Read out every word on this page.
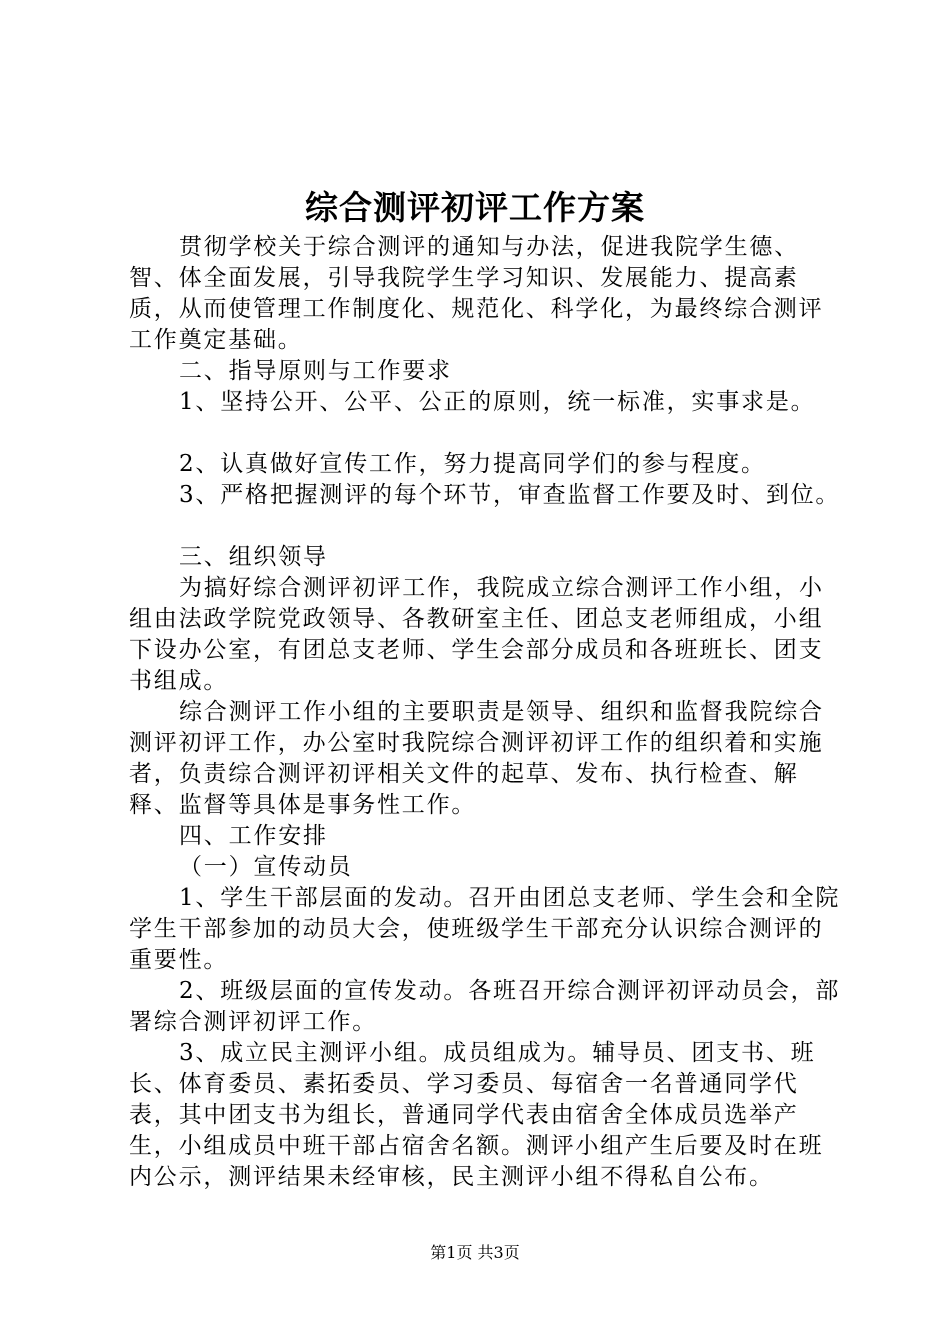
综合测评初评工作方案

贯彻学校关于综合测评的通知与办法，促进我院学生德、智、体全面发展，引导我院学生学习知识、发展能力、提高素质，从而使管理工作制度化、规范化、科学化，为最终综合测评工作奠定基础。

二、指导原则与工作要求

1、坚持公开、公平、公正的原则，统一标准，实事求是。

2、认真做好宣传工作，努力提高同学们的参与程度。

3、严格把握测评的每个环节，审查监督工作要及时、到位。

三、组织领导

为搞好综合测评初评工作，我院成立综合测评工作小组，小组由法政学院党政领导、各教研室主任、团总支老师组成，小组下设办公室，有团总支老师、学生会部分成员和各班班长、团支书组成。

综合测评工作小组的主要职责是领导、组织和监督我院综合测评初评工作，办公室时我院综合测评初评工作的组织着和实施者，负责综合测评初评相关文件的起草、发布、执行检查、解释、监督等具体是事务性工作。

四、工作安排

（一）宣传动员

1、学生干部层面的发动。召开由团总支老师、学生会和全院学生干部参加的动员大会，使班级学生干部充分认识综合测评的重要性。

2、班级层面的宣传发动。各班召开综合测评初评动员会，部署综合测评初评工作。

3、成立民主测评小组。成员组成为。辅导员、团支书、班长、体育委员、素拓委员、学习委员、每宿舍一名普通同学代表，其中团支书为组长，普通同学代表由宿舍全体成员选举产生，小组成员中班干部占宿舍名额。测评小组产生后要及时在班内公示，测评结果未经审核，民主测评小组不得私自公布。

第1页 共3页
